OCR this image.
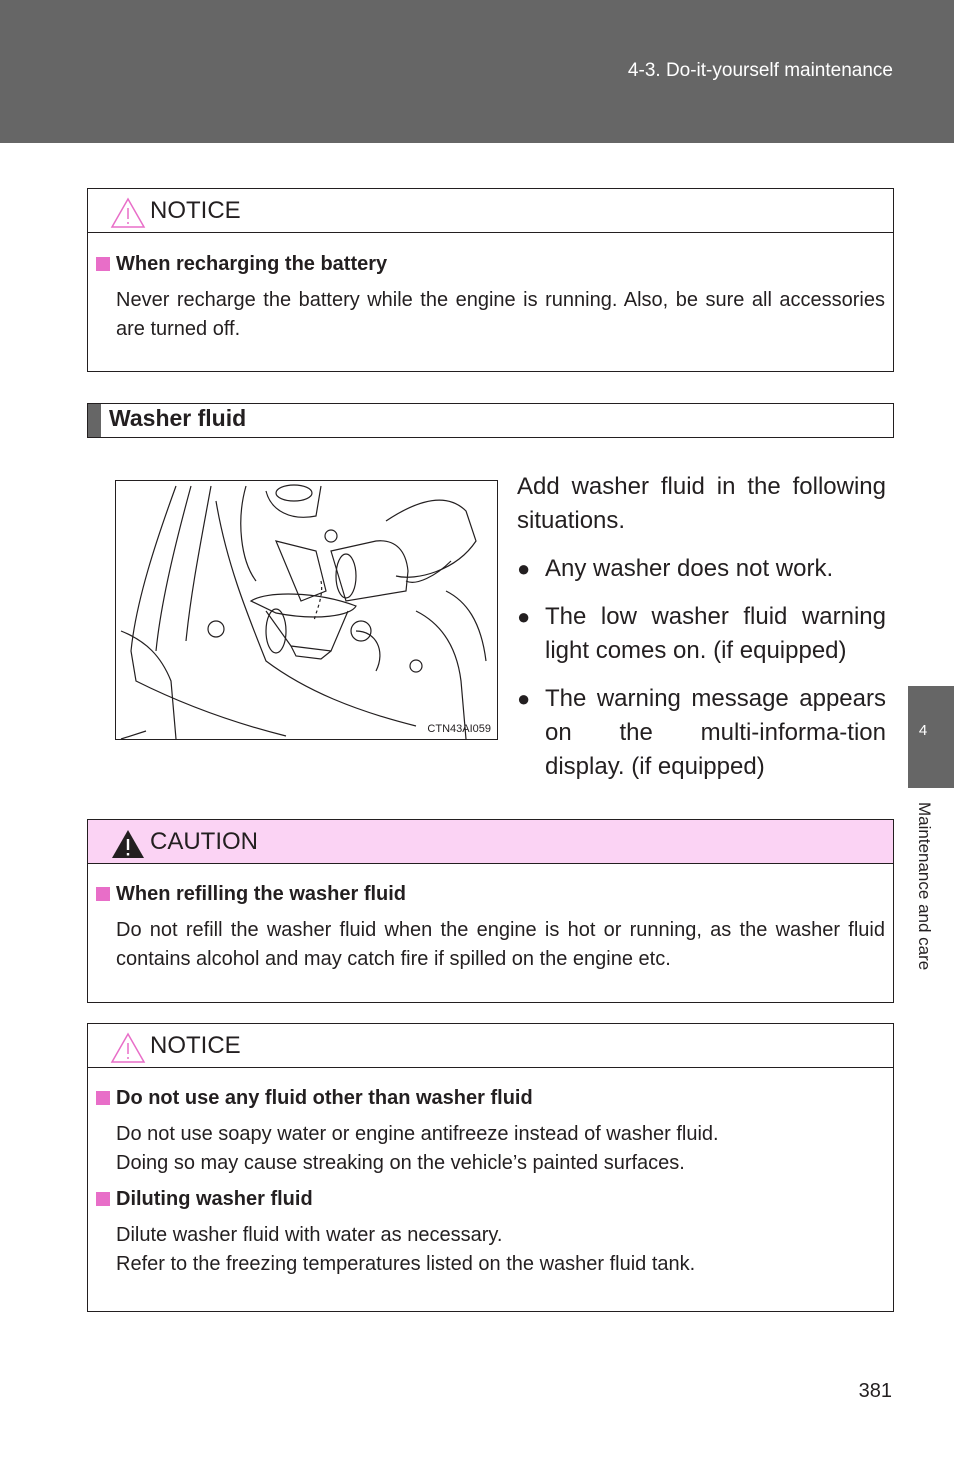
4-3. Do-it-yourself maintenance
4
Maintenance and care
NOTICE
When recharging the battery

Never recharge the battery while the engine is running. Also, be sure all accessories are turned off.

Washer fluid
CTN43AI059

Add washer fluid in the following situations.

● Any washer does not work.

● The low washer fluid warning light comes on. (if equipped)

● The warning message appears on the multi-informa-tion display. (if equipped)

CAUTION
When refilling the washer fluid

Do not refill the washer fluid when the engine is hot or running, as the washer fluid contains alcohol and may catch fire if spilled on the engine etc.

NOTICE
Do not use any fluid other than washer fluid
Do not use soapy water or engine antifreeze instead of washer fluid.
Doing so may cause streaking on the vehicle’s painted surfaces.
Diluting washer fluid
Dilute washer fluid with water as necessary.
Refer to the freezing temperatures listed on the washer fluid tank.
381
